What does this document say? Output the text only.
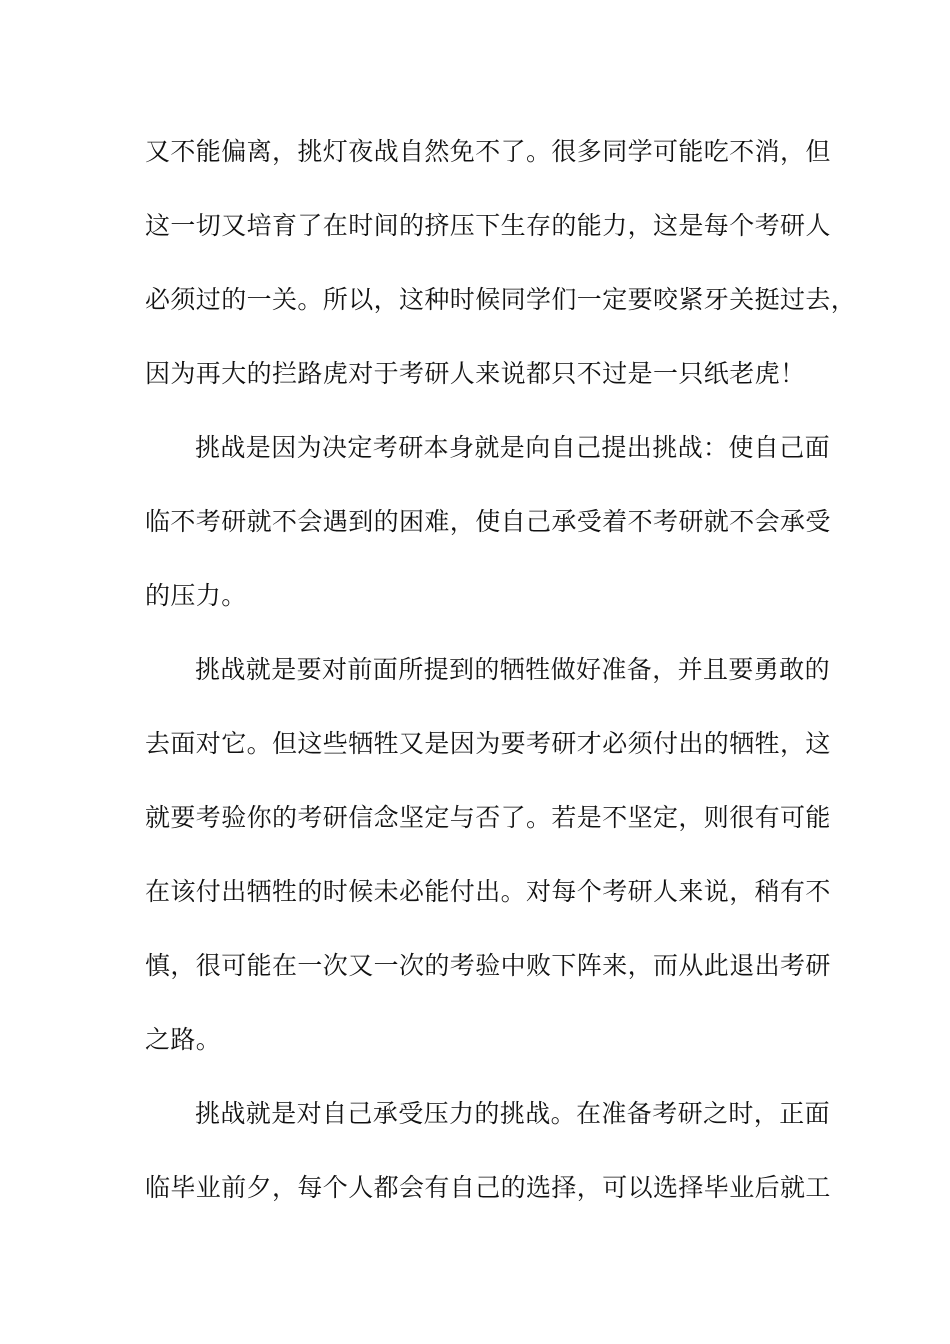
又不能偏离，挑灯夜战自然免不了。很多同学可能吃不消，但
这一切又培育了在时间的挤压下生存的能力，这是每个考研人
必须过的一关。所以，这种时候同学们一定要咬紧牙关挺过去，
因为再大的拦路虎对于考研人来说都只不过是一只纸老虎！
挑战是因为决定考研本身就是向自己提出挑战：使自己面
临不考研就不会遇到的困难，使自己承受着不考研就不会承受
的压力。
挑战就是要对前面所提到的牺牲做好准备，并且要勇敢的
去面对它。但这些牺牲又是因为要考研才必须付出的牺牲，这
就要考验你的考研信念坚定与否了。若是不坚定，则很有可能
在该付出牺牲的时候未必能付出。对每个考研人来说，稍有不
慎，很可能在一次又一次的考验中败下阵来，而从此退出考研
之路。
挑战就是对自己承受压力的挑战。在准备考研之时，正面
临毕业前夕，每个人都会有自己的选择，可以选择毕业后就工
